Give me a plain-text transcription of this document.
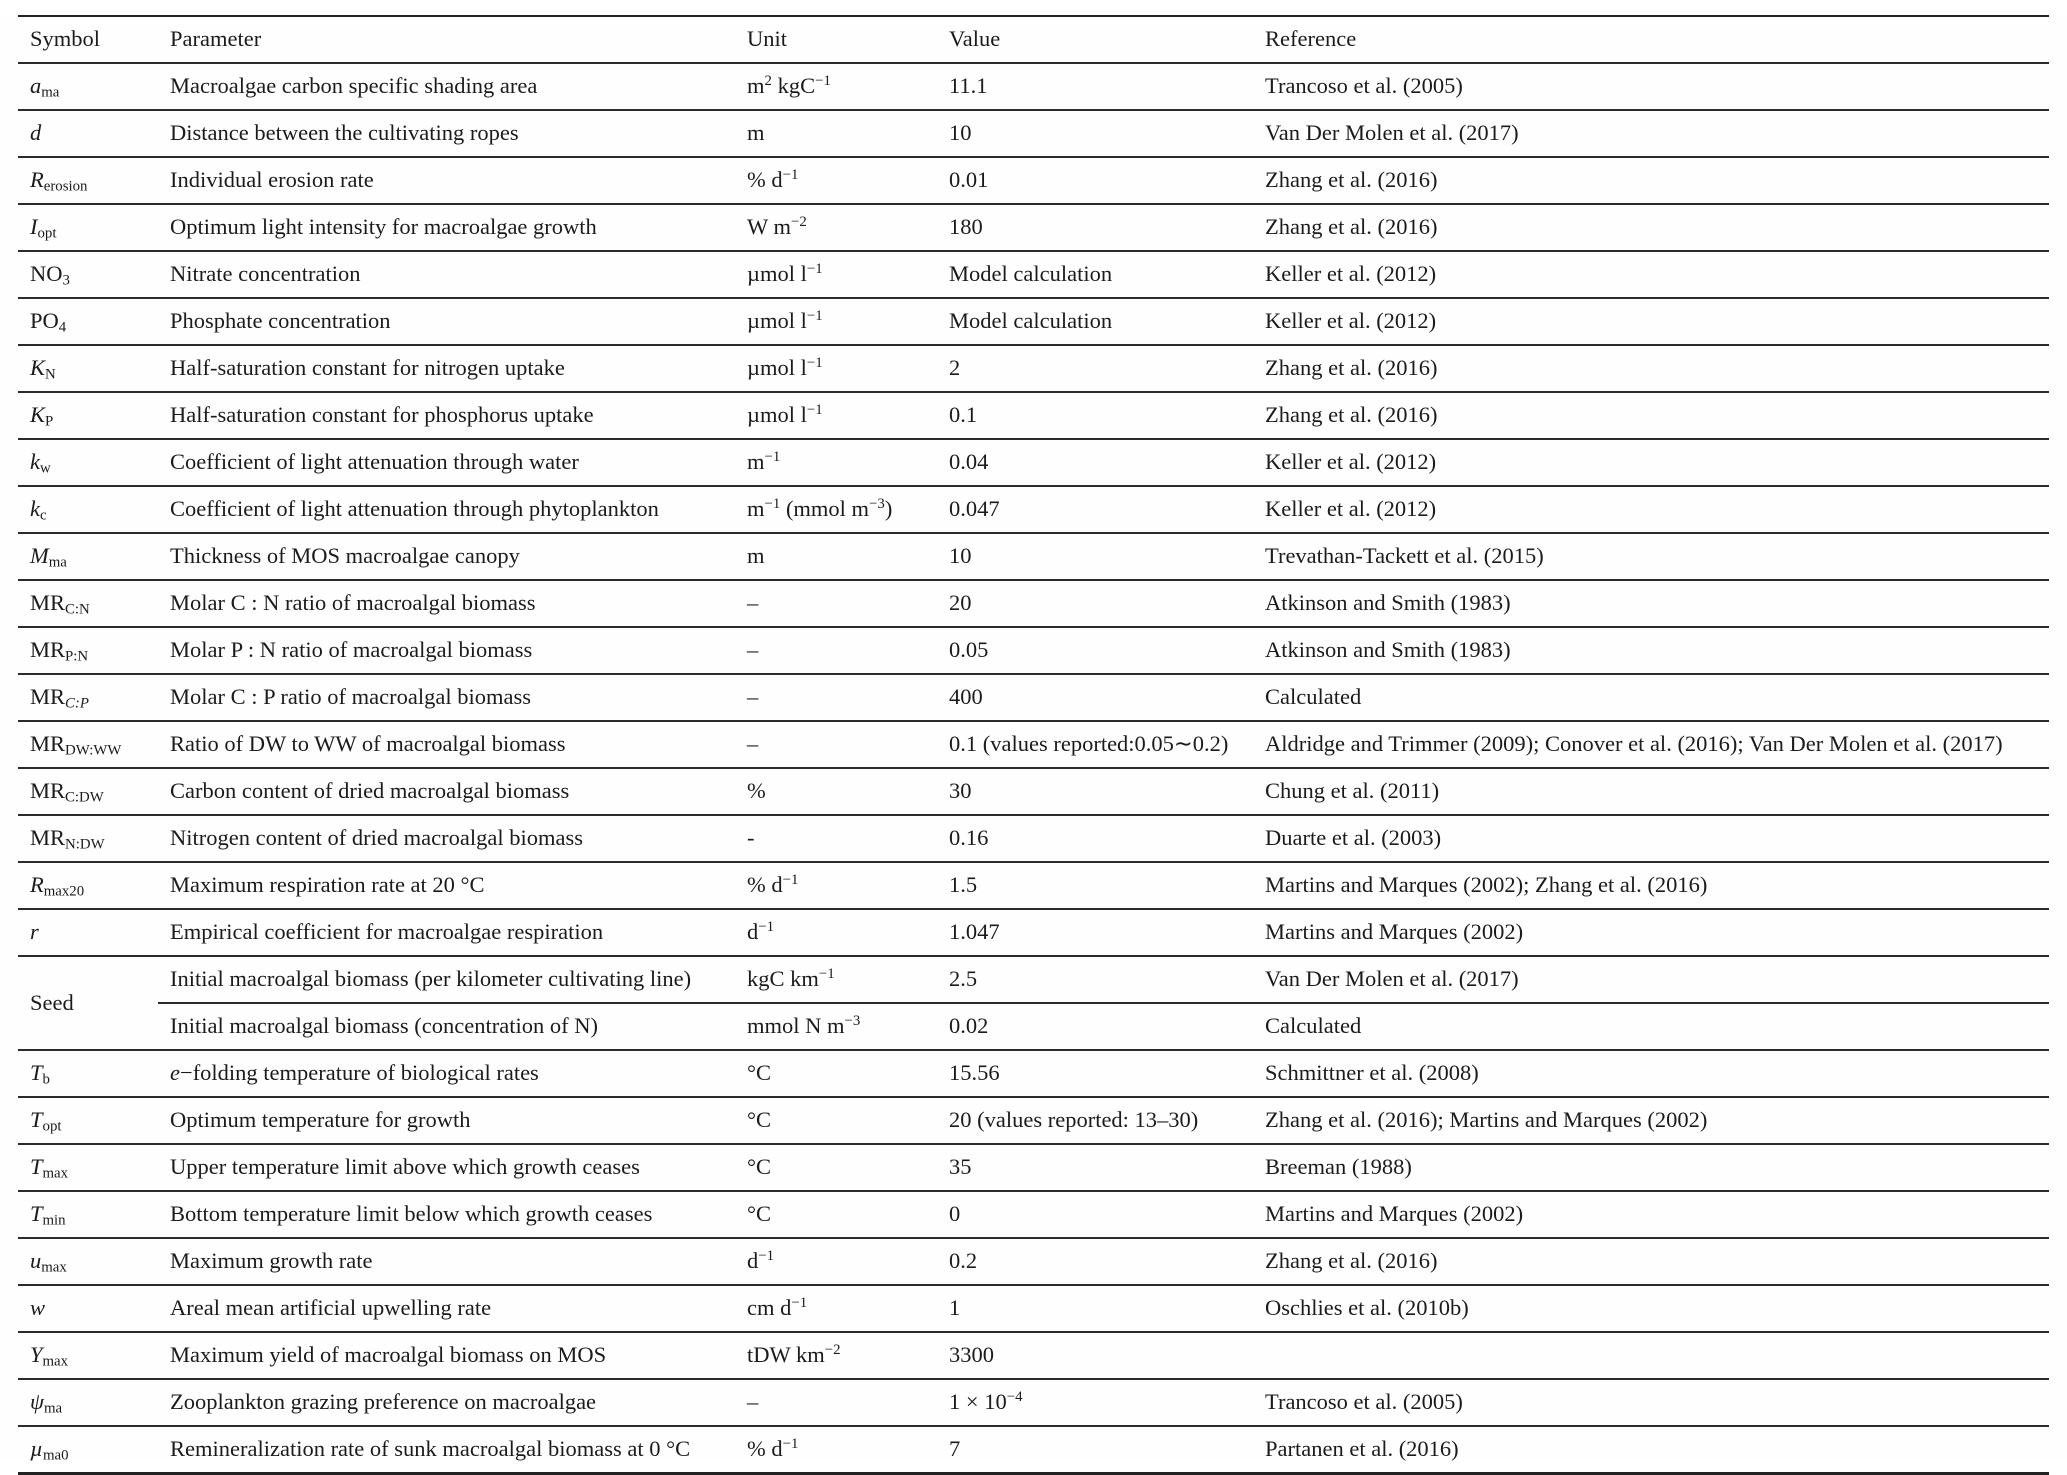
Symbol	Parameter	Unit	Value	Reference
$a_{ma}$	Macroalgae carbon specific shading area	$m^2$ kgC$^{-1}$	11.1	Trancoso et al. (2005)
d	Distance between the cultivating ropes	m	10	Van Der Molen et al. (2017)
$R_{erosion}$	Individual erosion rate	% $d^{-1}$	0.01	Zhang et al. (2016)
$I_{opt}$	Optimum light intensity for macroalgae growth	W $m^{-2}$	180	Zhang et al. (2016)
$NO_3$	Nitrate concentration	µmol $l^{-1}$	Model calculation	Keller et al. (2012)
$PO_4$	Phosphate concentration	µmol $l^{-1}$	Model calculation	Keller et al. (2012)
$K_N$	Half-saturation constant for nitrogen uptake	µmol $l^{-1}$	2	Zhang et al. (2016)
$K_P$	Half-saturation constant for phosphorus uptake	µmol $l^{-1}$	0.1	Zhang et al. (2016)
$k_w$	Coefficient of light attenuation through water	$m^{-1}$	0.04	Keller et al. (2012)
$k_c$	Coefficient of light attenuation through phytoplankton	$m^{-1}$ (mmol $m^{-3}$)	0.047	Keller et al. (2012)
$M_{ma}$	Thickness of MOS macroalgae canopy	m	10	Trevathan-Tackett et al. (2015)
$MR_{C:N}$	Molar C : N ratio of macroalgal biomass	–	20	Atkinson and Smith (1983)
$MR_{P:N}$	Molar P : N ratio of macroalgal biomass	–	0.05	Atkinson and Smith (1983)
$MR_{C:P}$	Molar C : P ratio of macroalgal biomass	–	400	Calculated
$MR_{DW:WW}$	Ratio of DW to WW of macroalgal biomass	–	0.1 (values reported:0.05∼0.2)	Aldridge and Trimmer (2009); Conover et al. (2016); Van Der Molen et al. (2017)
$MR_{C:DW}$	Carbon content of dried macroalgal biomass	%	30	Chung et al. (2011)
$MR_{N:DW}$	Nitrogen content of dried macroalgal biomass	-	0.16	Duarte et al. (2003)
$R_{max20}$	Maximum respiration rate at 20 °C	% $d^{-1}$	1.5	Martins and Marques (2002); Zhang et al. (2016)
r	Empirical coefficient for macroalgae respiration	$d^{-1}$	1.047	Martins and Marques (2002)
Seed	Initial macroalgal biomass (per kilometer cultivating line)	kgC $km^{-1}$	2.5	Van Der Molen et al. (2017)
	Initial macroalgal biomass (concentration of N)	mmol N $m^{-3}$	0.02	Calculated
$T_b$	e−folding temperature of biological rates	°C	15.56	Schmittner et al. (2008)
$T_{opt}$	Optimum temperature for growth	°C	20 (values reported: 13–30)	Zhang et al. (2016); Martins and Marques (2002)
$T_{max}$	Upper temperature limit above which growth ceases	°C	35	Breeman (1988)
$T_{min}$	Bottom temperature limit below which growth ceases	°C	0	Martins and Marques (2002)
$u_{max}$	Maximum growth rate	$d^{-1}$	0.2	Zhang et al. (2016)
w	Areal mean artificial upwelling rate	cm $d^{-1}$	1	Oschlies et al. (2010b)
$Y_{max}$	Maximum yield of macroalgal biomass on MOS	tDW $km^{-2}$	3300	
$\psi_{ma}$	Zooplankton grazing preference on macroalgae	–	$1 \times 10^{-4}$	Trancoso et al. (2005)
µ$_{ma0}$	Remineralization rate of sunk macroalgal biomass at 0 °C	% $d^{-1}$	7	Partanen et al. (2016)
